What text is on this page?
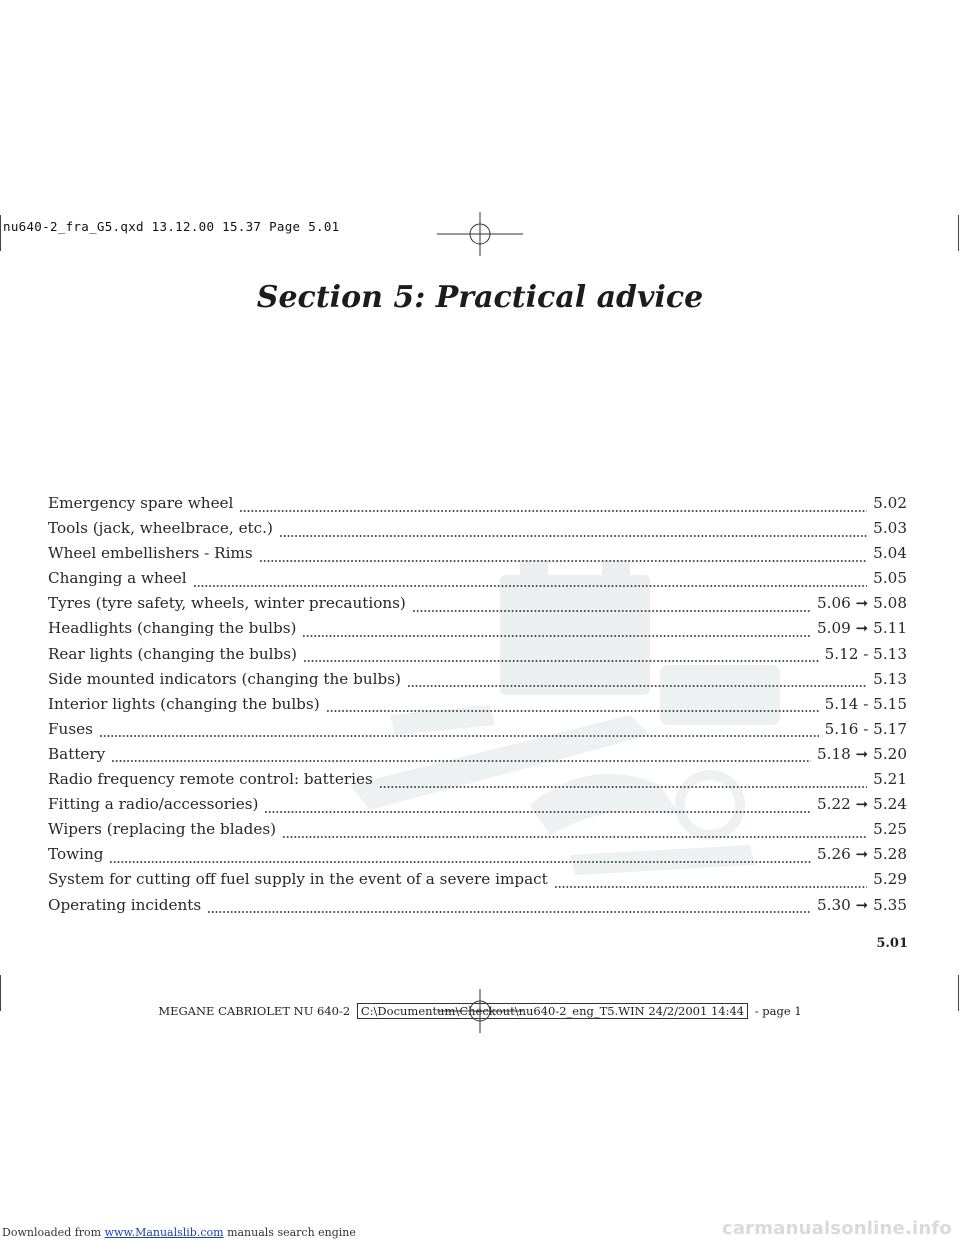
nu640-2_fra_G5.qxd 13.12.00 15.37 Page 5.01
Section 5: Practical advice
Emergency spare wheel	5.02
Tools (jack, wheelbrace, etc.)	5.03
Wheel embellishers - Rims	5.04
Changing a wheel	5.05
Tyres (tyre safety, wheels, winter precautions)	5.06 ➞ 5.08
Headlights (changing the bulbs)	5.09 ➞ 5.11
Rear lights (changing the bulbs)	5.12 - 5.13
Side mounted indicators (changing the bulbs)	5.13
Interior lights (changing the bulbs)	5.14 - 5.15
Fuses	5.16 - 5.17
Battery	5.18 ➞ 5.20
Radio frequency remote control: batteries	5.21
Fitting a radio/accessories)	5.22 ➞ 5.24
Wipers (replacing the blades)	5.25
Towing	5.26 ➞ 5.28
System for cutting off fuel supply in the event of a severe impact	5.29
Operating incidents	5.30 ➞ 5.35
5.01
MEGANE CABRIOLET NU 640-2 C:\Documentum\Checkout\nu640-2_eng_T5.WIN 24/2/2001 14:44 - page 1
Downloaded from www.Manualslib.com manuals search engine	carmanualsonline.info
